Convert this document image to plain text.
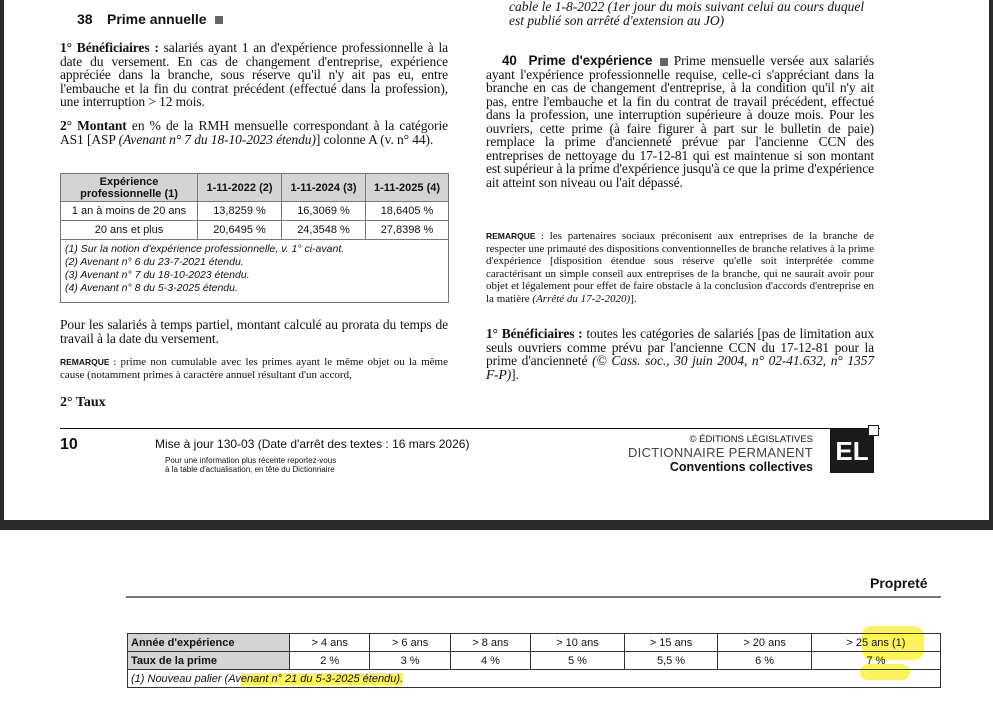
38 Prime annuelle
1° Bénéficiaires : salariés ayant 1 an d'expérience professionnelle à la date du versement. En cas de changement d'entreprise, expérience appréciée dans la branche, sous réserve qu'il n'y ait pas eu, entre l'embauche et la fin du contrat précédent (effectué dans la profession), une interruption > 12 mois.
2° Montant en % de la RMH mensuelle correspondant à la catégorie AS1 [ASP (Avenant n° 7 du 18-10-2023 étendu)] colonne A (v. n° 44).
Expérience professionnelle (1)	1-11-2022 (2)	1-11-2024 (3)	1-11-2025 (4)
1 an à moins de 20 ans	13,8259 %	16,3069 %	18,6405 %
20 ans et plus	20,6495 %	24,3548 %	27,8398 %
(1) Sur la notion d'expérience professionnelle, v. 1° ci-avant.
(2) Avenant n° 6 du 23-7-2021 étendu.
(3) Avenant n° 7 du 18-10-2023 étendu.
(4) Avenant n° 8 du 5-3-2025 étendu.
Pour les salariés à temps partiel, montant calculé au prorata du temps de travail à la date du versement.
REMARQUE : prime non cumulable avec les primes ayant le même objet ou la même cause (notamment primes à caractère annuel résultant d'un accord,
2° Taux
cable le 1-8-2022 (1er jour du mois suivant celui au cours duquel est publié son arrêté d'extension au JO)
40 Prime d'expérience Prime mensuelle versée aux salariés ayant l'expérience professionnelle requise, celle-ci s'appréciant dans la branche en cas de changement d'entreprise, à la condition qu'il n'y ait pas, entre l'embauche et la fin du contrat de travail précédent, effectué dans la profession, une interruption supérieure à douze mois. Pour les ouvriers, cette prime (à faire figurer à part sur le bulletin de paie) remplace la prime d'ancienneté prévue par l'ancienne CCN des entreprises de nettoyage du 17-12-81 qui est maintenue si son montant est supérieur à la prime d'expérience jusqu'à ce que la prime d'expérience ait atteint son niveau ou l'ait dépassé.
REMARQUE : les partenaires sociaux préconisent aux entreprises de la branche de respecter une primauté des dispositions conventionnelles de branche relatives à la prime d'expérience [disposition étendue sous réserve qu'elle soit interprétée comme caractérisant un simple conseil aux entreprises de la branche, qui ne saurait avoir pour objet et légalement pour effet de faire obstacle à la conclusion d'accords d'entreprise en la matière (Arrêté du 17-2-2020)].
1° Bénéficiaires : toutes les catégories de salariés [pas de limitation aux seuls ouvriers comme prévu par l'ancienne CCN du 17-12-81 pour la prime d'ancienneté (© Cass. soc., 30 juin 2004, n° 02-41.632, n° 1357 F-P)].
10	Mise à jour 130-03 (Date d'arrêt des textes : 16 mars 2026)
Pour une information plus récente reportez-vous
à la table d'actualisation, en tête du Dictionnaire
© ÉDITIONS LÉGISLATIVES
DICTIONNAIRE PERMANENT
Conventions collectives
EL
Propreté
Année d'expérience	> 4 ans	> 6 ans	> 8 ans	> 10 ans	> 15 ans	> 20 ans	> 25 ans (1)
Taux de la prime	2 %	3 %	4 %	5 %	5,5 %	6 %	7 %
(1) Nouveau palier (Avenant n° 21 du 5-3-2025 étendu).							
